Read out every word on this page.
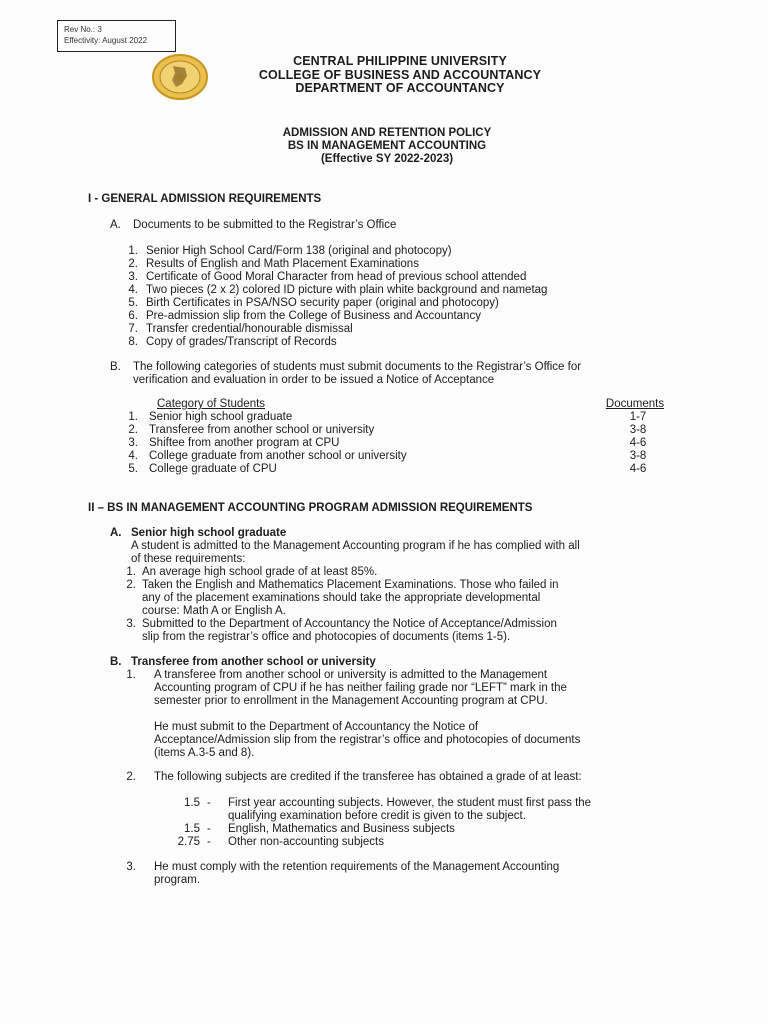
Rev No.: 3
Effectivity: August 2022
CENTRAL PHILIPPINE UNIVERSITY
COLLEGE OF BUSINESS AND ACCOUNTANCY
DEPARTMENT OF ACCOUNTANCY
ADMISSION AND RETENTION POLICY
BS IN MANAGEMENT ACCOUNTING
(Effective SY 2022-2023)
I - GENERAL ADMISSION REQUIREMENTS
A. Documents to be submitted to the Registrar’s Office
1. Senior High School Card/Form 138 (original and photocopy)
2. Results of English and Math Placement Examinations
3. Certificate of Good Moral Character from head of previous school attended
4. Two pieces (2 x 2) colored ID picture with plain white background and nametag
5. Birth Certificates in PSA/NSO security paper (original and photocopy)
6. Pre-admission slip from the College of Business and Accountancy
7. Transfer credential/honourable dismissal
8. Copy of grades/Transcript of Records
B. The following categories of students must submit documents to the Registrar’s Office for
verification and evaluation in order to be issued a Notice of Acceptance
Category of Students	Documents
1. Senior high school graduate	1-7
2. Transferee from another school or university	3-8
3. Shiftee from another program at CPU	4-6
4. College graduate from another school or university	3-8
5. College graduate of CPU	4-6
II – BS IN MANAGEMENT ACCOUNTING PROGRAM ADMISSION REQUIREMENTS
A. Senior high school graduate
A student is admitted to the Management Accounting program if he has complied with all
of these requirements:
1. An average high school grade of at least 85%.
2. Taken the English and Mathematics Placement Examinations. Those who failed in
any of the placement examinations should take the appropriate developmental
course: Math A or English A.
3. Submitted to the Department of Accountancy the Notice of Acceptance/Admission
slip from the registrar’s office and photocopies of documents (items 1-5).
B. Transferee from another school or university
1. A transferee from another school or university is admitted to the Management
Accounting program of CPU if he has neither failing grade nor “LEFT” mark in the
semester prior to enrollment in the Management Accounting program at CPU.
He must submit to the Department of Accountancy the Notice of
Acceptance/Admission slip from the registrar’s office and photocopies of documents
(items A.3-5 and 8).
2. The following subjects are credited if the transferee has obtained a grade of at least:
1.5 - First year accounting subjects. However, the student must first pass the
qualifying examination before credit is given to the subject.
1.5 - English, Mathematics and Business subjects
2.75 - Other non-accounting subjects
3. He must comply with the retention requirements of the Management Accounting
program.
